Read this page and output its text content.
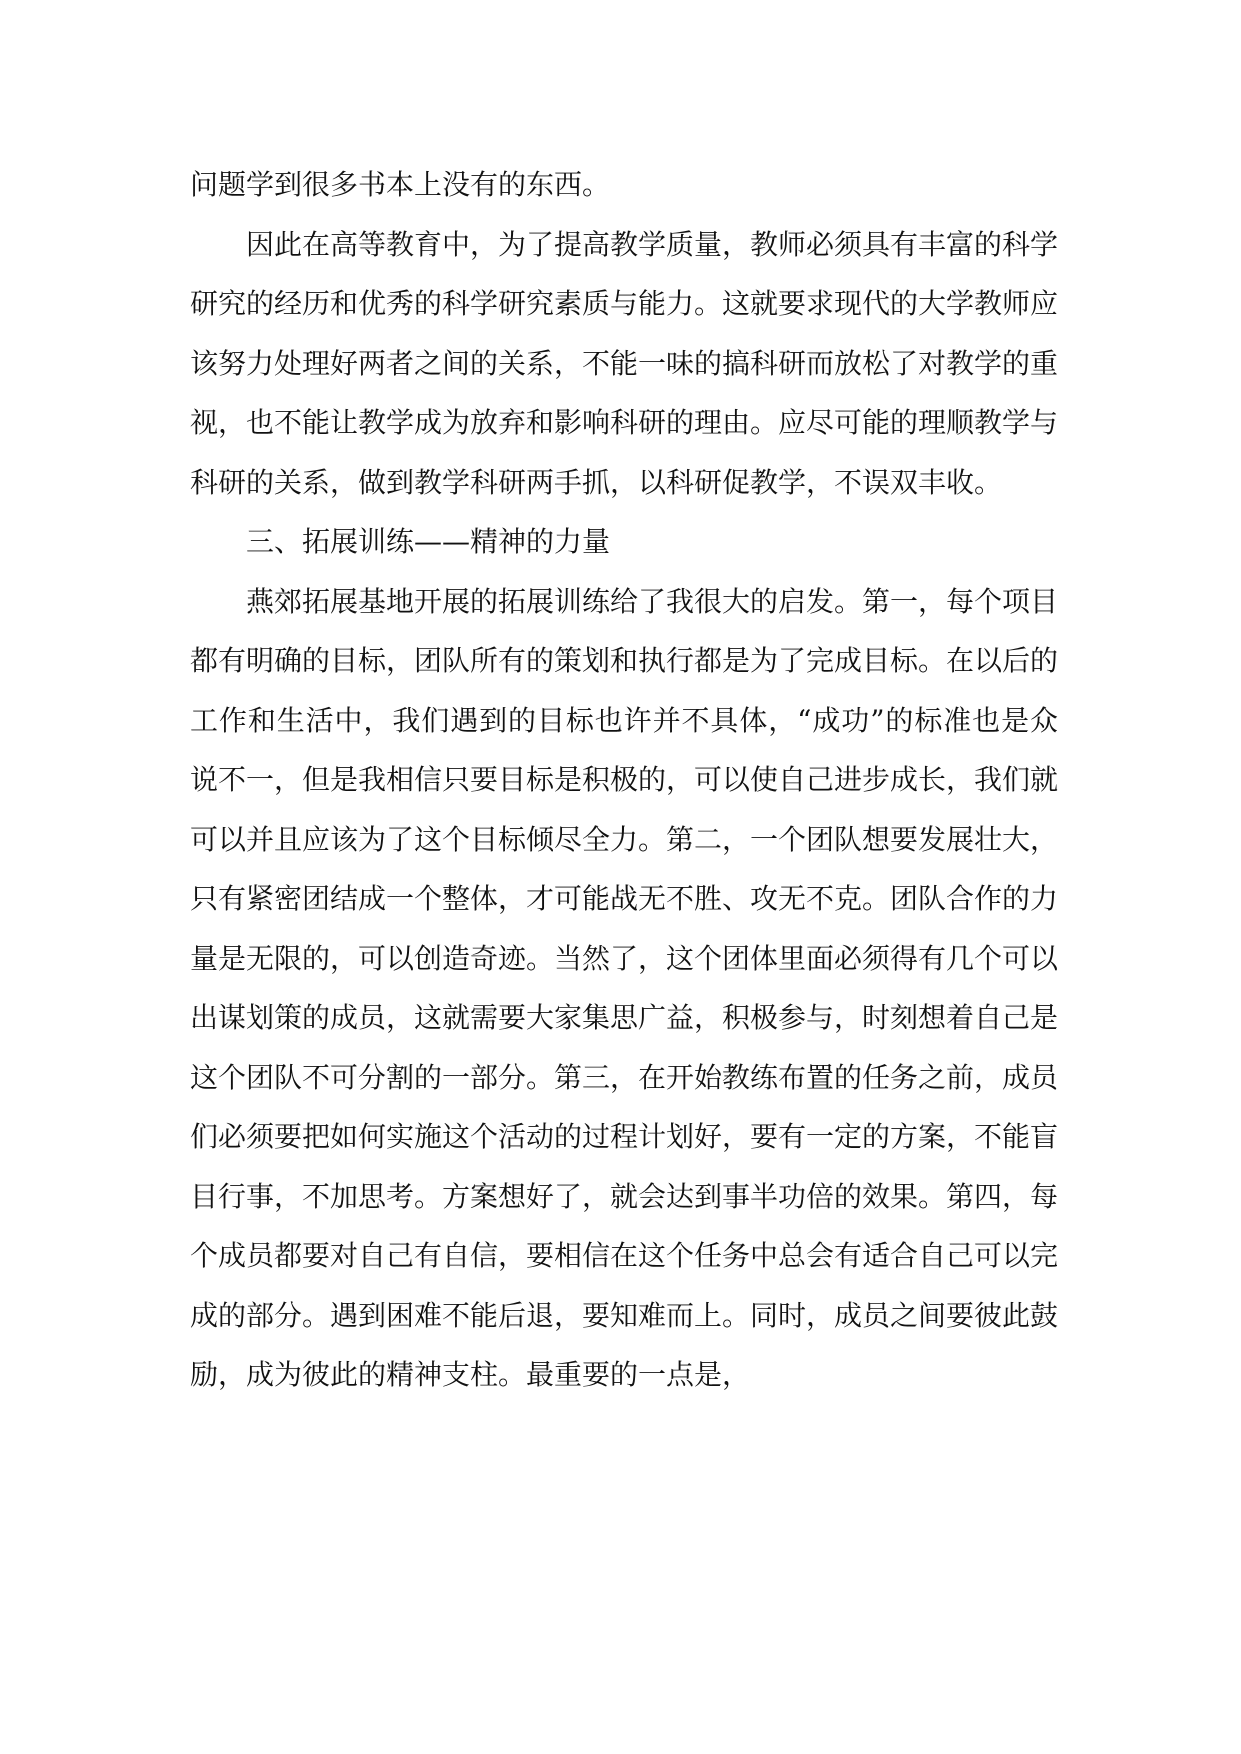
问题学到很多书本上没有的东西。

因此在高等教育中，为了提高教学质量，教师必须具有丰富的科学研究的经历和优秀的科学研究素质与能力。这就要求现代的大学教师应该努力处理好两者之间的关系，不能一味的搞科研而放松了对教学的重视，也不能让教学成为放弃和影响科研的理由。应尽可能的理顺教学与科研的关系，做到教学科研两手抓，以科研促教学，不误双丰收。

三、拓展训练——精神的力量

燕郊拓展基地开展的拓展训练给了我很大的启发。第一，每个项目都有明确的目标，团队所有的策划和执行都是为了完成目标。在以后的工作和生活中，我们遇到的目标也许并不具体，“成功”的标准也是众说不一，但是我相信只要目标是积极的，可以使自己进步成长，我们就可以并且应该为了这个目标倾尽全力。第二，一个团队想要发展壮大，只有紧密团结成一个整体，才可能战无不胜、攻无不克。团队合作的力量是无限的，可以创造奇迹。当然了，这个团体里面必须得有几个可以出谋划策的成员，这就需要大家集思广益，积极参与，时刻想着自己是这个团队不可分割的一部分。第三，在开始教练布置的任务之前，成员们必须要把如何实施这个活动的过程计划好，要有一定的方案，不能盲目行事，不加思考。方案想好了，就会达到事半功倍的效果。第四，每个成员都要对自己有自信，要相信在这个任务中总会有适合自己可以完成的部分。遇到困难不能后退，要知难而上。同时，成员之间要彼此鼓励，成为彼此的精神支柱。最重要的一点是，
